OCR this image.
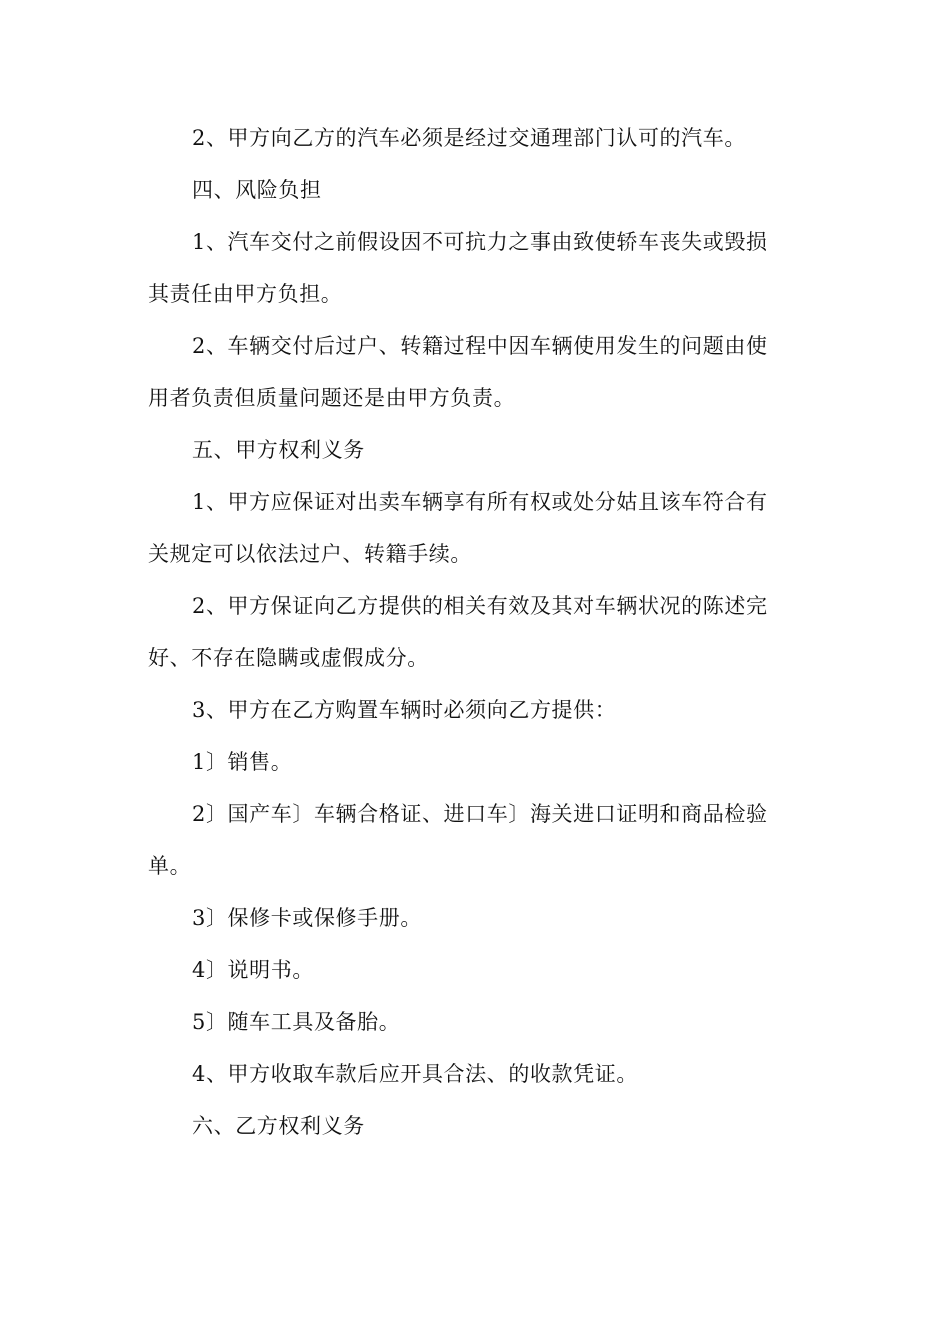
2、甲方向乙方的汽车必须是经过交通理部门认可的汽车。
四、风险负担
1、汽车交付之前假设因不可抗力之事由致使轿车丧失或毁损
其责任由甲方负担。
2、车辆交付后过户、转籍过程中因车辆使用发生的问题由使
用者负责但质量问题还是由甲方负责。
五、甲方权利义务
1、甲方应保证对出卖车辆享有所有权或处分姑且该车符合有
关规定可以依法过户、转籍手续。
2、甲方保证向乙方提供的相关有效及其对车辆状况的陈述完
好、不存在隐瞒或虚假成分。
3、甲方在乙方购置车辆时必须向乙方提供：
1〕销售。
2〕国产车〕车辆合格证、进口车〕海关进口证明和商品检验
单。
3〕保修卡或保修手册。
4〕说明书。
5〕随车工具及备胎。
4、甲方收取车款后应开具合法、的收款凭证。
六、乙方权利义务
